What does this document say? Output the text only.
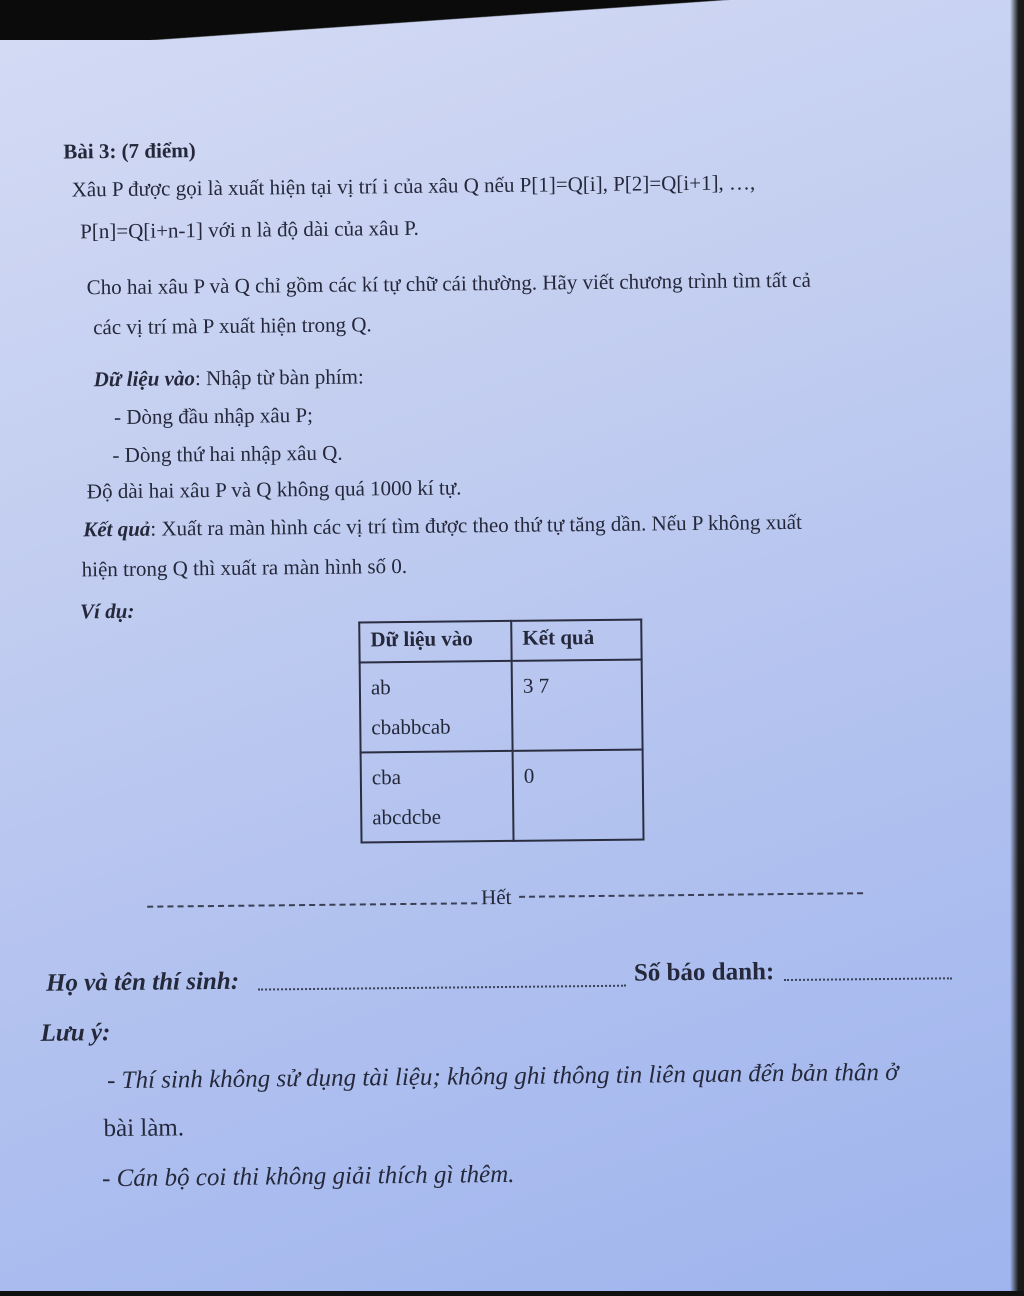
Bài 3: (7 điểm)
Xâu P được gọi là xuất hiện tại vị trí i của xâu Q nếu P[1]=Q[i], P[2]=Q[i+1], …,
P[n]=Q[i+n-1] với n là độ dài của xâu P.
Cho hai xâu P và Q chỉ gồm các kí tự chữ cái thường. Hãy viết chương trình tìm tất cả
các vị trí mà P xuất hiện trong Q.
Dữ liệu vào: Nhập từ bàn phím:
- Dòng đầu nhập xâu P;
- Dòng thứ hai nhập xâu Q.
Độ dài hai xâu P và Q không quá 1000 kí tự.
Kết quả: Xuất ra màn hình các vị trí tìm được theo thứ tự tăng dần. Nếu P không xuất
hiện trong Q thì xuất ra màn hình số 0.
Ví dụ:
Dữ liệu vào	Kết quả

ab
cbabbcab	3 7

cba
abcdcbe	0
Hết
Họ và tên thí sinh:	Số báo danh:
Lưu ý:
- Thí sinh không sử dụng tài liệu; không ghi thông tin liên quan đến bản thân ở
bài làm.
- Cán bộ coi thi không giải thích gì thêm.
